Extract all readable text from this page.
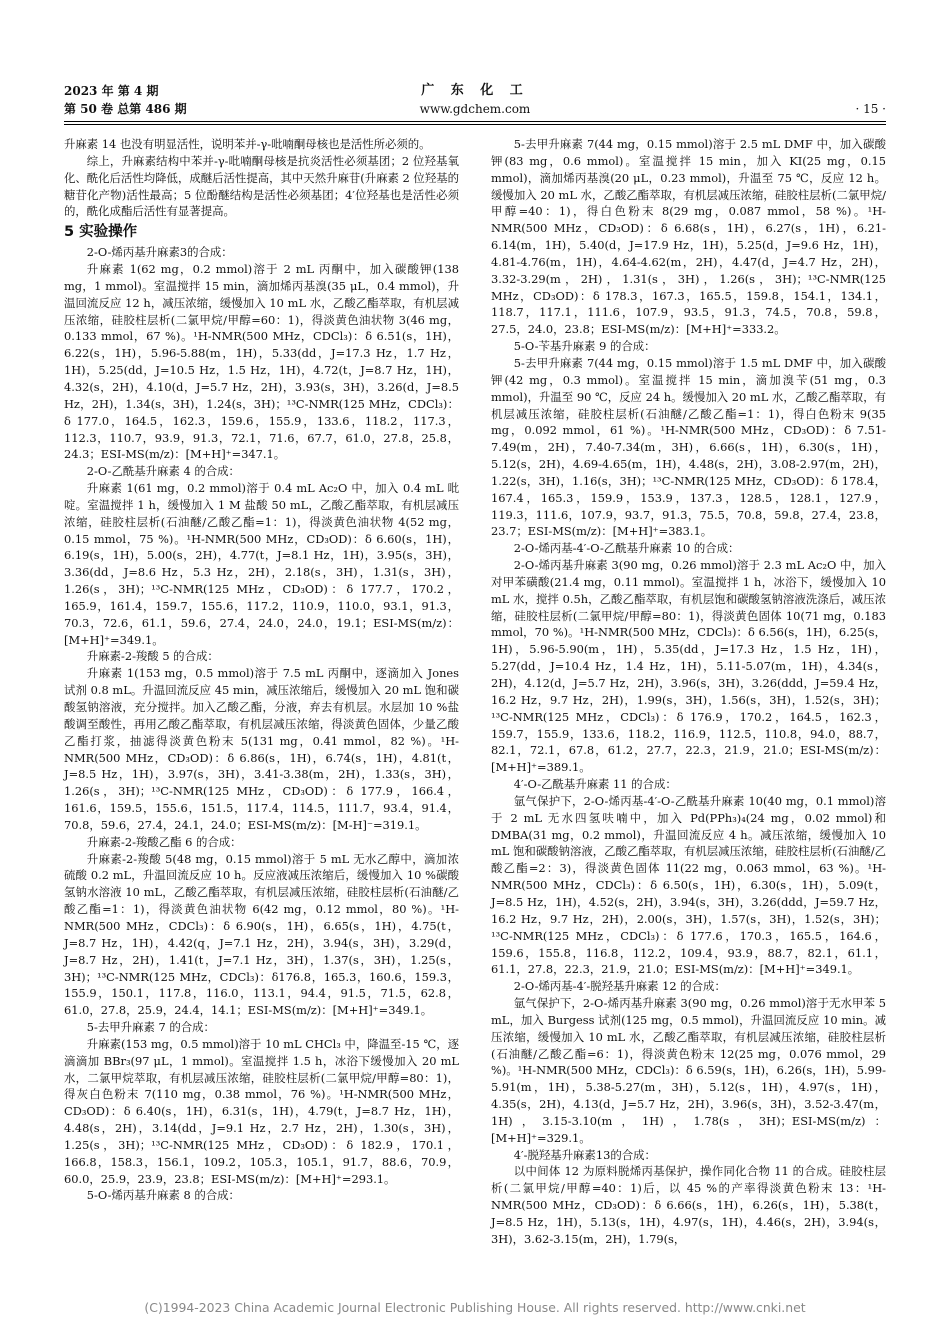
2023 年 第 4 期
第 50 卷 总第 486 期
广 东 化 工
www.gdchem.com	· 15 ·

升麻素 14 也没有明显活性，说明苯并-γ-吡喃酮母核也是活性所必须的。

综上，升麻素结构中苯并-γ-吡喃酮母核是抗炎活性必须基团；2 位羟基氧化、酰化后活性均降低，成醚后活性提高，其中天然升麻苷(升麻素 2 位羟基的糖苷化产物)活性最高；5 位酚醚结构是活性必须基团；4′位羟基也是活性必须的，酰化成酯后活性有显著提高。

5 实验操作

2-O-烯丙基升麻素3的合成：

升麻素 1(62 mg，0.2 mmol)溶于 2 mL 丙酮中，加入碳酸钾(138 mg，1 mmol)。室温搅拌 15 min，滴加烯丙基溴(35 μL，0.4 mmol)，升温回流反应 12 h，减压浓缩，缓慢加入 10 mL 水，乙酸乙酯萃取，有机层减压浓缩，硅胶柱层析(二氯甲烷/甲醇=60：1)，得淡黄色油状物 3(46 mg，0.133 mmol，67 %)。¹H-NMR(500 MHz，CDCl₃)：δ 6.51(s，1H)，6.22(s，1H)，5.96-5.88(m，1H)，5.33(dd，J=17.3 Hz，1.7 Hz，1H)，5.25(dd，J=10.5 Hz，1.5 Hz，1H)，4.72(t，J=8.7 Hz，1H)，4.32(s，2H)，4.10(d，J=5.7 Hz，2H)，3.93(s，3H)，3.26(d，J=8.5 Hz，2H)，1.34(s，3H)，1.24(s，3H)；¹³C-NMR(125 MHz，CDCl₃)：δ 177.0，164.5，162.3，159.6，155.9，133.6，118.2，117.3，112.3，110.7，93.9，91.3，72.1，71.6，67.7，61.0，27.8，25.8，24.3；ESI-MS(m/z)：[M+H]⁺=347.1。

2-O-乙酰基升麻素 4 的合成：

升麻素 1(61 mg，0.2 mmol)溶于 0.4 mL Ac₂O 中，加入 0.4 mL 吡啶。室温搅拌 1 h，缓慢加入 1 M 盐酸 50 mL，乙酸乙酯萃取，有机层减压浓缩，硅胶柱层析(石油醚/乙酸乙酯=1：1)，得淡黄色油状物 4(52 mg，0.15 mmol，75 %)。¹H-NMR(500 MHz，CD₃OD)：δ 6.60(s，1H)，6.19(s，1H)，5.00(s，2H)，4.77(t，J=8.1 Hz，1H)，3.95(s，3H)，3.36(dd，J=8.6 Hz，5.3 Hz，2H)，2.18(s，3H)，1.31(s，3H)，1.26(s，3H)；¹³C-NMR(125 MHz，CD₃OD)：δ 177.7，170.2，165.9，161.4，159.7，155.6，117.2，110.9，110.0，93.1，91.3，70.3，72.6，61.1，59.6，27.4，24.0，24.0，19.1；ESI-MS(m/z)：[M+H]⁺=349.1。

升麻素-2-羧酸 5 的合成：

升麻素 1(153 mg，0.5 mmol)溶于 7.5 mL 丙酮中，逐滴加入 Jones 试剂 0.8 mL。升温回流反应 45 min，减压浓缩后，缓慢加入 20 mL 饱和碳酸氢钠溶液，充分搅拌。加入乙酸乙酯，分液，弃去有机层。水层加 10 %盐酸调至酸性，再用乙酸乙酯萃取，有机层减压浓缩，得淡黄色固体，少量乙酸乙酯打浆，抽滤得淡黄色粉末 5(131 mg，0.41 mmol，82 %)。¹H-NMR(500 MHz，CD₃OD)：δ 6.86(s，1H)，6.74(s，1H)，4.81(t，J=8.5 Hz，1H)，3.97(s，3H)，3.41-3.38(m，2H)，1.33(s，3H)，1.26(s，3H)；¹³C-NMR(125 MHz，CD₃OD)：δ 177.9，166.4，161.6，159.5，155.6，151.5，117.4，114.5，111.7，93.4，91.4，70.8，59.6，27.4，24.1，24.0；ESI-MS(m/z)：[M-H]⁻=319.1。

升麻素-2-羧酸乙酯 6 的合成：

升麻素-2-羧酸 5(48 mg，0.15 mmol)溶于 5 mL 无水乙醇中，滴加浓硫酸 0.2 mL，升温回流反应 10 h。反应液减压浓缩后，缓慢加入 10 %碳酸氢钠水溶液 10 mL，乙酸乙酯萃取，有机层减压浓缩，硅胶柱层析(石油醚/乙酸乙酯=1：1)，得淡黄色油状物 6(42 mg，0.12 mmol，80 %)。¹H-NMR(500 MHz，CDCl₃)：δ 6.90(s，1H)，6.65(s，1H)，4.75(t，J=8.7 Hz，1H)，4.42(q，J=7.1 Hz，2H)，3.94(s，3H)，3.29(d，J=8.7 Hz，2H)，1.41(t，J=7.1 Hz，3H)，1.37(s，3H)，1.25(s，3H)；¹³C-NMR(125 MHz，CDCl₃)：δ176.8，165.3，160.6，159.3，155.9，150.1，117.8，116.0，113.1，94.4，91.5，71.5，62.8，61.0，27.8，25.9，24.4，14.1；ESI-MS(m/z)：[M+H]⁺=349.1。

5-去甲升麻素 7 的合成：

升麻素(153 mg，0.5 mmol)溶于 10 mL CHCl₃ 中，降温至-15 ℃，逐滴滴加 BBr₃(97 μL，1 mmol)。室温搅拌 1.5 h，冰浴下缓慢加入 20 mL 水，二氯甲烷萃取，有机层减压浓缩，硅胶柱层析(二氯甲烷/甲醇=80：1)，得灰白色粉末 7(110 mg，0.38 mmol，76 %)。¹H-NMR(500 MHz，CD₃OD)：δ 6.40(s，1H)，6.31(s，1H)，4.79(t，J=8.7 Hz，1H)，4.48(s，2H)，3.14(dd，J=9.1 Hz，2.7 Hz，2H)，1.30(s，3H)，1.25(s，3H)；¹³C-NMR(125 MHz，CD₃OD)：δ 182.9，170.1，166.8，158.3，156.1，109.2，105.3，105.1，91.7，88.6，70.9，60.0，25.9，23.9，23.8；ESI-MS(m/z)：[M+H]⁺=293.1。

5-O-烯丙基升麻素 8 的合成：

5-去甲升麻素 7(44 mg，0.15 mmol)溶于 2.5 mL DMF 中，加入碳酸钾(83 mg，0.6 mmol)。室温搅拌 15 min，加入 KI(25 mg，0.15 mmol)，滴加烯丙基溴(20 μL，0.23 mmol)，升温至 75 ℃，反应 12 h。缓慢加入 20 mL 水，乙酸乙酯萃取，有机层减压浓缩，硅胶柱层析(二氯甲烷/甲醇=40：1)，得白色粉末 8(29 mg，0.087 mmol，58 %)。¹H-NMR(500 MHz，CD₃OD)：δ 6.68(s，1H)，6.27(s，1H)，6.21-6.14(m，1H)，5.40(d，J=17.9 Hz，1H)，5.25(d，J=9.6 Hz，1H)，4.81-4.76(m，1H)，4.64-4.62(m，2H)，4.47(d，J=4.7 Hz，2H)，3.32-3.29(m，2H)，1.31(s，3H)，1.26(s，3H)；¹³C-NMR(125 MHz，CD₃OD)：δ 178.3，167.3，165.5，159.8，154.1，134.1，118.7，117.1，111.6，107.9，93.5，91.3，74.5，70.8，59.8，27.5，24.0，23.8；ESI-MS(m/z)：[M+H]⁺=333.2。

5-O-苄基升麻素 9 的合成：

5-去甲升麻素 7(44 mg，0.15 mmol)溶于 1.5 mL DMF 中，加入碳酸钾(42 mg，0.3 mmol)。室温搅拌 15 min，滴加溴苄(51 mg，0.3 mmol)，升温至 90 ℃，反应 24 h。缓慢加入 20 mL 水，乙酸乙酯萃取，有机层减压浓缩，硅胶柱层析(石油醚/乙酸乙酯=1：1)，得白色粉末 9(35 mg，0.092 mmol，61 %)。¹H-NMR(500 MHz，CD₃OD)：δ 7.51-7.49(m，2H)，7.40-7.34(m，3H)，6.66(s，1H)，6.30(s，1H)，5.12(s，2H)，4.69-4.65(m，1H)，4.48(s，2H)，3.08-2.97(m，2H)，1.22(s，3H)，1.16(s，3H)；¹³C-NMR(125 MHz，CD₃OD)：δ 178.4，167.4，165.3，159.9，153.9，137.3，128.5，128.1，127.9，119.3，111.6，107.9，93.7，91.3，75.5，70.8，59.8，27.4，23.8，23.7；ESI-MS(m/z)：[M+H]⁺=383.1。

2-O-烯丙基-4′-O-乙酰基升麻素 10 的合成：

2-O-烯丙基升麻素 3(90 mg，0.26 mmol)溶于 2.3 mL Ac₂O 中，加入对甲苯磺酸(21.4 mg，0.11 mmol)。室温搅拌 1 h，冰浴下，缓慢加入 10 mL 水，搅拌 0.5h，乙酸乙酯萃取，有机层饱和碳酸氢钠溶液洗涤后，减压浓缩，硅胶柱层析(二氯甲烷/甲醇=80：1)，得淡黄色固体 10(71 mg，0.183 mmol，70 %)。¹H-NMR(500 MHz，CDCl₃)：δ 6.56(s，1H)，6.25(s，1H)，5.96-5.90(m，1H)，5.35(dd，J=17.3 Hz，1.5 Hz，1H)，5.27(dd，J=10.4 Hz，1.4 Hz，1H)，5.11-5.07(m，1H)，4.34(s，2H)，4.12(d，J=5.7 Hz，2H)，3.96(s，3H)，3.26(ddd，J=59.4 Hz，16.2 Hz，9.7 Hz，2H)，1.99(s，3H)，1.56(s，3H)，1.52(s，3H)；¹³C-NMR(125 MHz，CDCl₃)：δ 176.9，170.2，164.5，162.3，159.7，155.9，133.6，118.2，116.9，112.5，110.8，94.0，88.7，82.1，72.1，67.8，61.2，27.7，22.3，21.9，21.0；ESI-MS(m/z)：[M+H]⁺=389.1。

4′-O-乙酰基升麻素 11 的合成：

氩气保护下，2-O-烯丙基-4′-O-乙酰基升麻素 10(40 mg，0.1 mmol)溶于 2 mL 无水四氢呋喃中，加入 Pd(PPh₃)₄(24 mg，0.02 mmol)和 DMBA(31 mg，0.2 mmol)，升温回流反应 4 h。减压浓缩，缓慢加入 10 mL 饱和碳酸钠溶液，乙酸乙酯萃取，有机层减压浓缩，硅胶柱层析(石油醚/乙酸乙酯=2：3)，得淡黄色固体 11(22 mg，0.063 mmol，63 %)。¹H-NMR(500 MHz，CDCl₃)：δ 6.50(s，1H)，6.30(s，1H)，5.09(t，J=8.5 Hz，1H)，4.52(s，2H)，3.94(s，3H)，3.26(ddd，J=59.7 Hz，16.2 Hz，9.7 Hz，2H)，2.00(s，3H)，1.57(s，3H)，1.52(s，3H)；¹³C-NMR(125 MHz，CDCl₃)：δ 177.6，170.3，165.5，164.6，159.6，155.8，116.8，112.2，109.4，93.9，88.7，82.1，61.1，61.1，27.8，22.3，21.9，21.0；ESI-MS(m/z)：[M+H]⁺=349.1。

2-O-烯丙基-4′-脱羟基升麻素 12 的合成：

氩气保护下，2-O-烯丙基升麻素 3(90 mg，0.26 mmol)溶于无水甲苯 5 mL，加入 Burgess 试剂(125 mg，0.5 mmol)，升温回流反应 10 min。减压浓缩，缓慢加入 10 mL 水，乙酸乙酯萃取，有机层减压浓缩，硅胶柱层析(石油醚/乙酸乙酯=6：1)，得淡黄色粉末 12(25 mg，0.076 mmol，29 %)。¹H-NMR(500 MHz，CDCl₃)：δ 6.59(s，1H)，6.26(s，1H)，5.99-5.91(m，1H)，5.38-5.27(m，3H)，5.12(s，1H)，4.97(s，1H)，4.35(s，2H)，4.13(d，J=5.7 Hz，2H)，3.96(s，3H)，3.52-3.47(m，1H)，3.15-3.10(m，1H)，1.78(s，3H)；ESI-MS(m/z)：[M+H]⁺=329.1。

4′-脱羟基升麻素13的合成：

以中间体 12 为原料脱烯丙基保护，操作同化合物 11 的合成。硅胶柱层析(二氯甲烷/甲醇=40：1)后，以 45 %的产率得淡黄色粉末 13：¹H-NMR(500 MHz，CD₃OD)：δ 6.66(s，1H)，6.26(s，1H)，5.38(t，J=8.5 Hz，1H)，5.13(s，1H)，4.97(s，1H)，4.46(s，2H)，3.94(s，3H)，3.62-3.15(m，2H)，1.79(s，

(C)1994-2023 China Academic Journal Electronic Publishing House. All rights reserved. http://www.cnki.net
